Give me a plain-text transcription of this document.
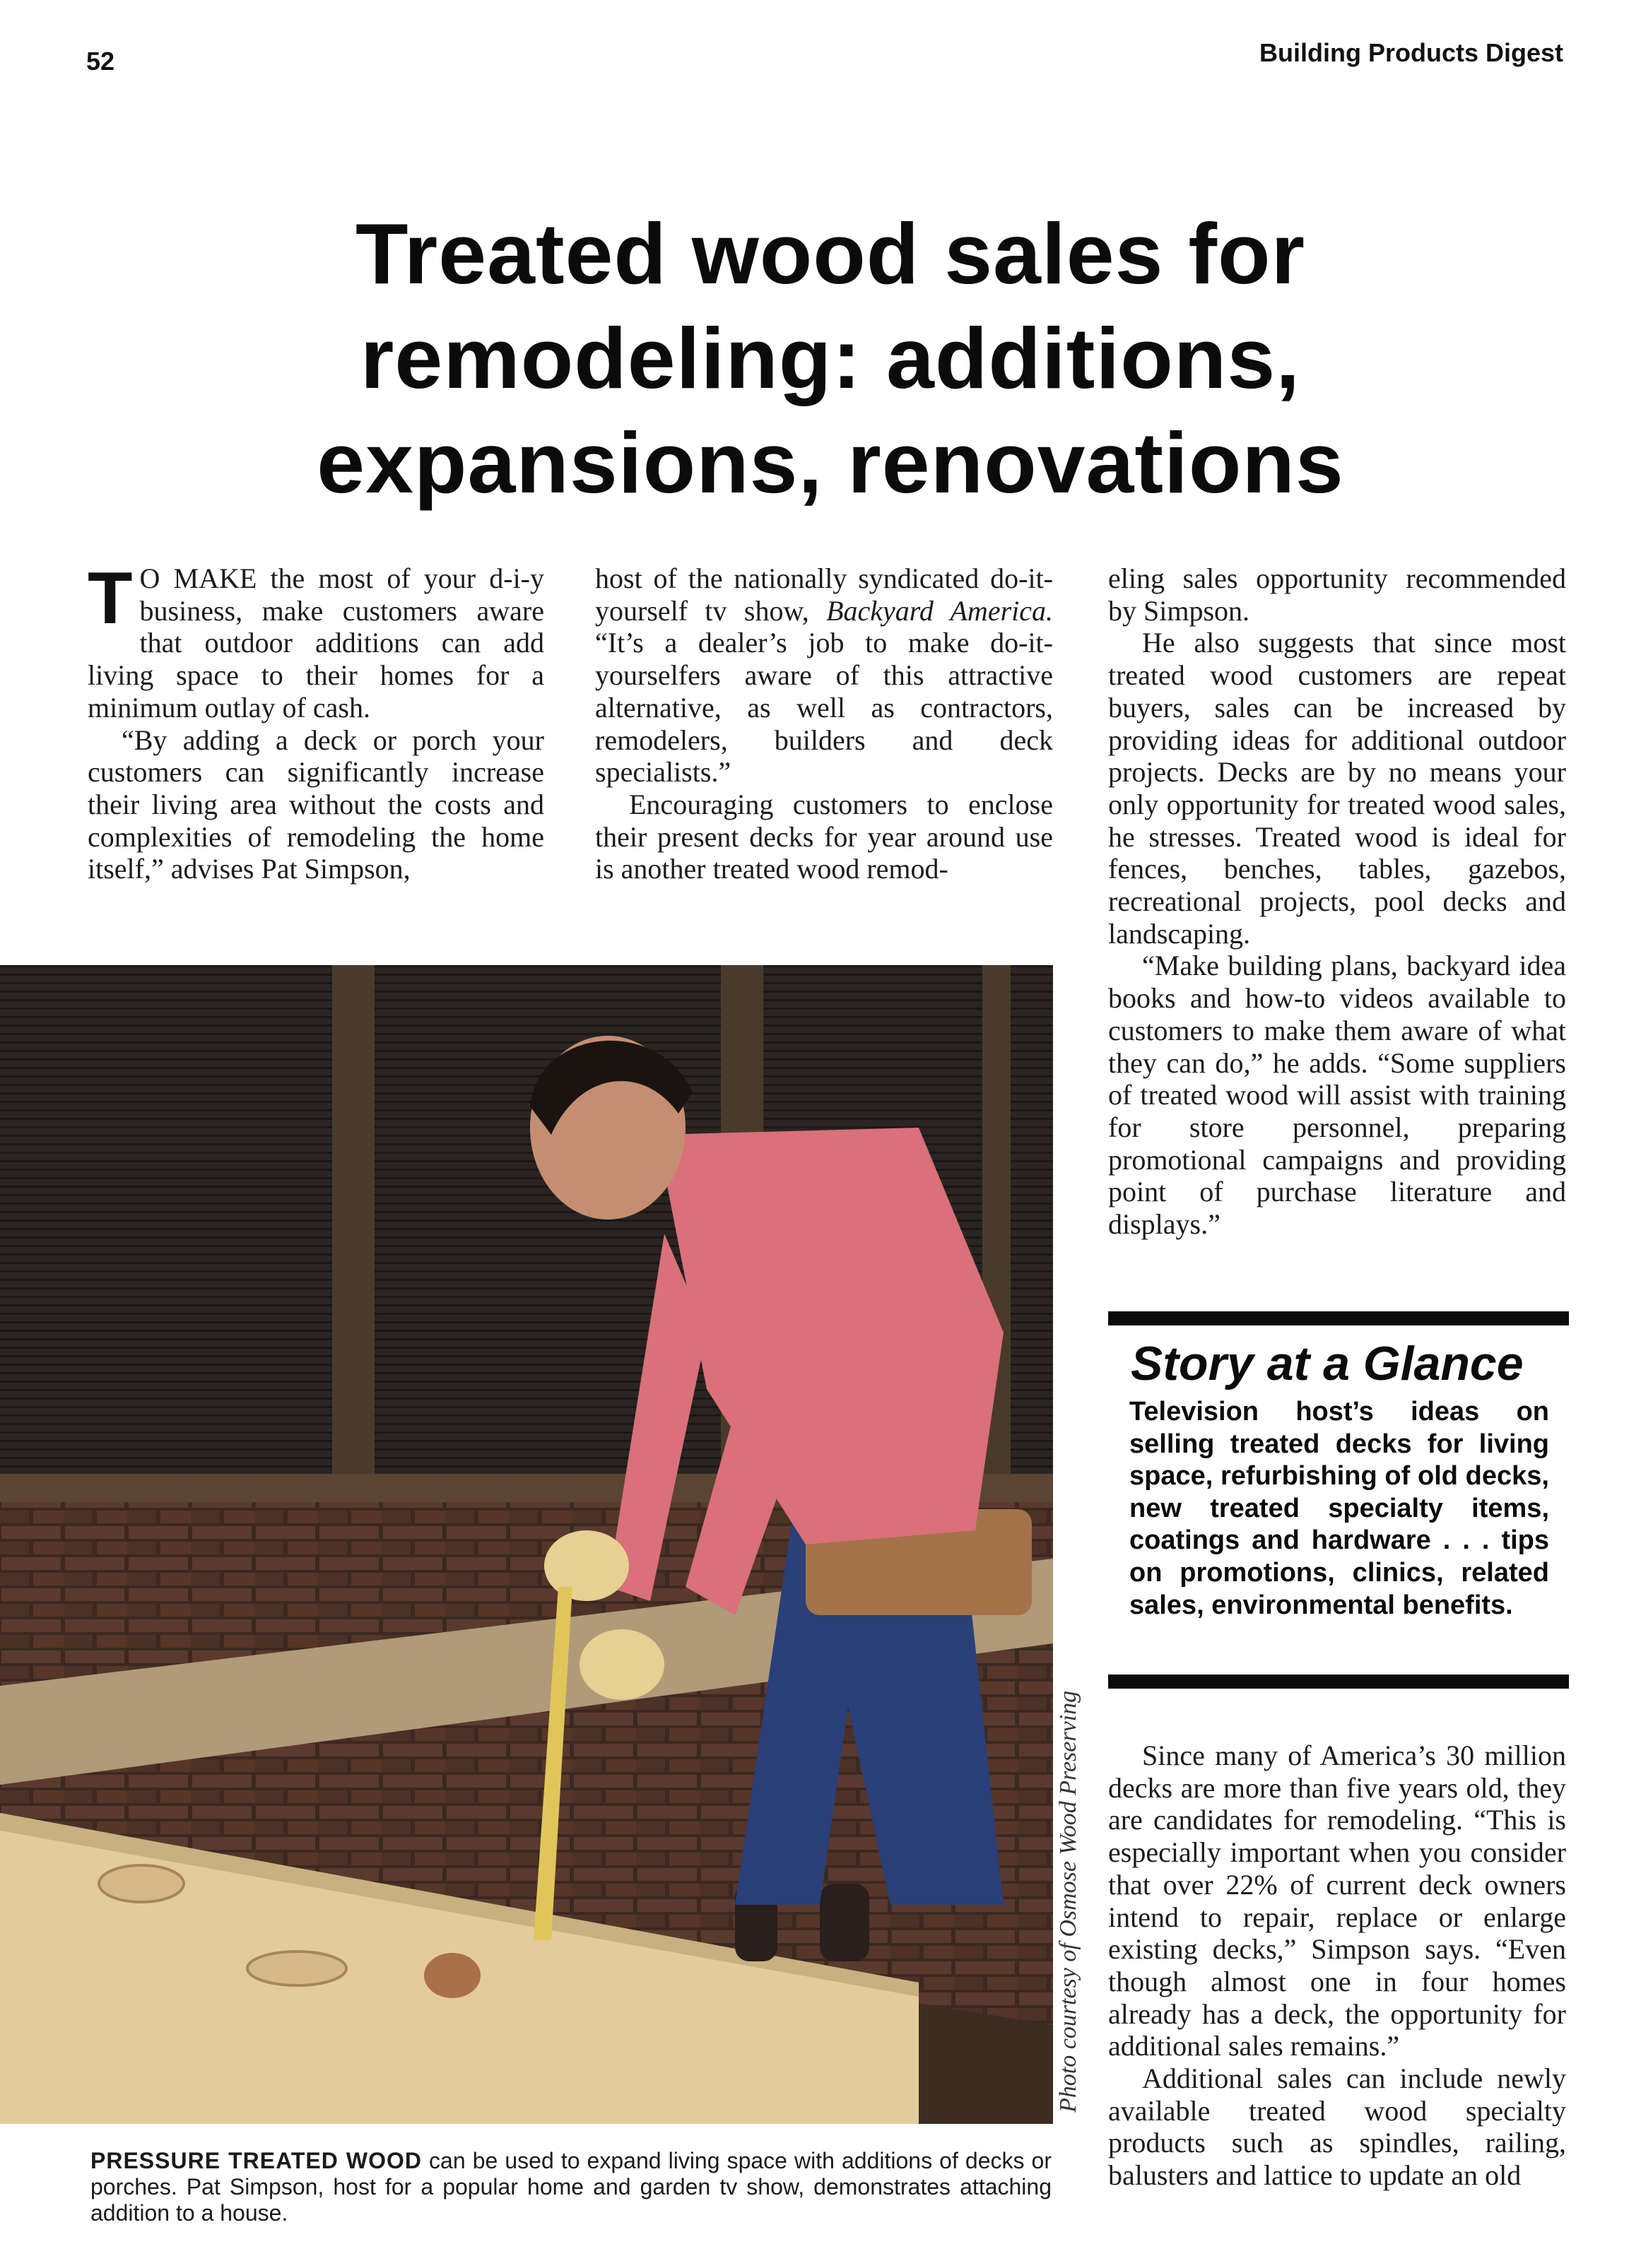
52	Building Products Digest
Treated wood sales for
remodeling: additions,
expansions, renovations

T O MAKE the most of your d-i-y business, make customers aware that outdoor additions can add living space to their homes for a minimum outlay of cash.

“By adding a deck or porch your customers can significantly increase their living area without the costs and complexities of remodeling the home itself,” advises Pat Simpson,

host of the nationally syndicated do-it-yourself tv show, Backyard America. “It’s a dealer’s job to make do-it-yourselfers aware of this attractive alternative, as well as contractors, remodelers, builders and deck specialists.”

Encouraging customers to enclose their present decks for year around use is another treated wood remod-

eling sales opportunity recommended by Simpson.

He also suggests that since most treated wood customers are repeat buyers, sales can be increased by providing ideas for additional outdoor projects. Decks are by no means your only opportunity for treated wood sales, he stresses. Treated wood is ideal for fences, benches, tables, gazebos, recreational projects, pool decks and landscaping.

“Make building plans, backyard idea books and how-to videos available to customers to make them aware of what they can do,” he adds. “Some suppliers of treated wood will assist with training for store personnel, preparing promotional campaigns and providing point of purchase literature and displays.”

Story at a Glance
Television host’s ideas on selling treated decks for living space, refurbishing of old decks, new treated specialty items, coatings and hardware . . . tips on promotions, clinics, related sales, environmental benefits.

Since many of America’s 30 million decks are more than five years old, they are candidates for remodeling. “This is especially important when you consider that over 22% of current deck owners intend to repair, replace or enlarge existing decks,” Simpson says. “Even though almost one in four homes already has a deck, the opportunity for additional sales remains.”

Additional sales can include newly available treated wood specialty products such as spindles, railing, balusters and lattice to update an old

Photo courtesy of Osmose Wood Preserving
PRESSURE TREATED WOOD can be used to expand living space with additions of decks or porches. Pat Simpson, host for a popular home and garden tv show, demonstrates attaching addition to a house.
